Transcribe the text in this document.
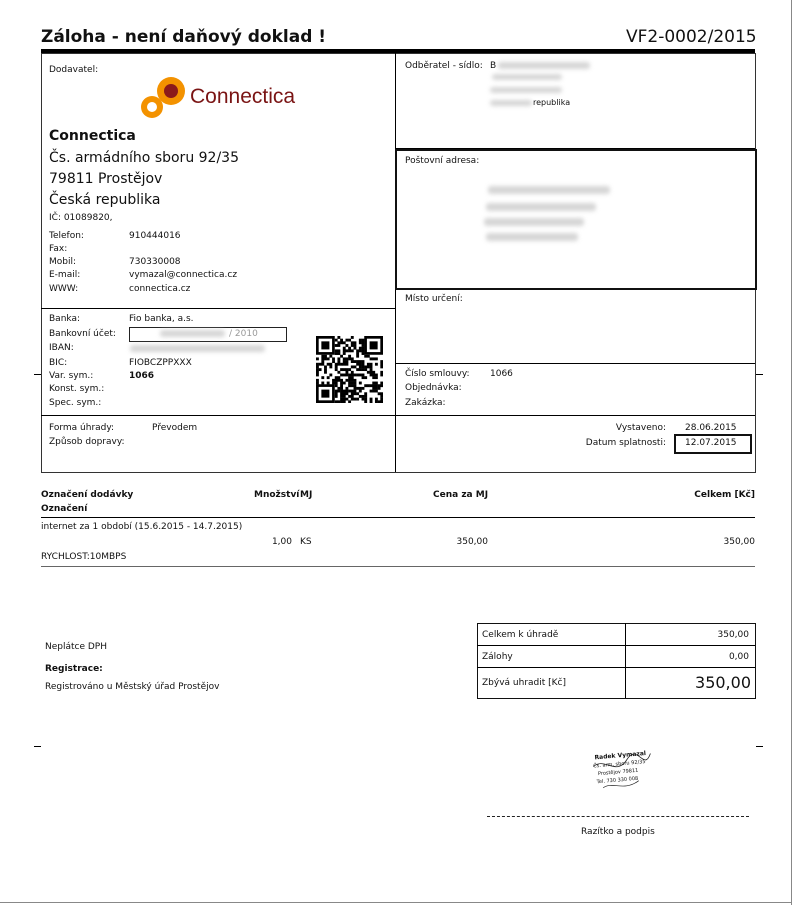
Záloha - není daňový doklad !	VF2-0002/2015
Dodavatel:
Connectica
Connectica
Čs. armádního sboru 92/35
79811 Prostějov
Česká republika
IČ: 01089820,
Telefon:	910444016
Fax:
Mobil:	730330008
E-mail:	vymazal@connectica.cz
WWW:	connectica.cz
Banka:	Fio banka, a.s.
Bankovní účet:	/ 2010
IBAN:
BIC:	FIOBCZPPXXX
Var. sym.:	1066
Konst. sym.:
Spec. sym.:
Odběratel - sídlo: B
republika
Poštovní adresa:
Místo určení:
Číslo smlouvy: 1066
Objednávka:
Zakázka:
Forma úhrady:	Převodem
Způsob dopravy:
Vystaveno: 28.06.2015
Datum splatnosti: 12.07.2015
Označení dodávky
Označení
Množství MJ	Cena za MJ	Celkem [Kč]
internet za 1 období (15.6.2015 - 14.7.2015)
1,00 KS	350,00	350,00
RYCHLOST:10MBPS
Neplátce DPH
Registrace:
Registrováno u Městský úřad Prostějov
Celkem k úhradě	350,00
Zálohy	0,00
Zbývá uhradit [Kč]	350,00
Radek Vymazal
Čs. arm. sboru 92/35
Prostějov 79811
Tel. 730 330 008
Razítko a podpis
